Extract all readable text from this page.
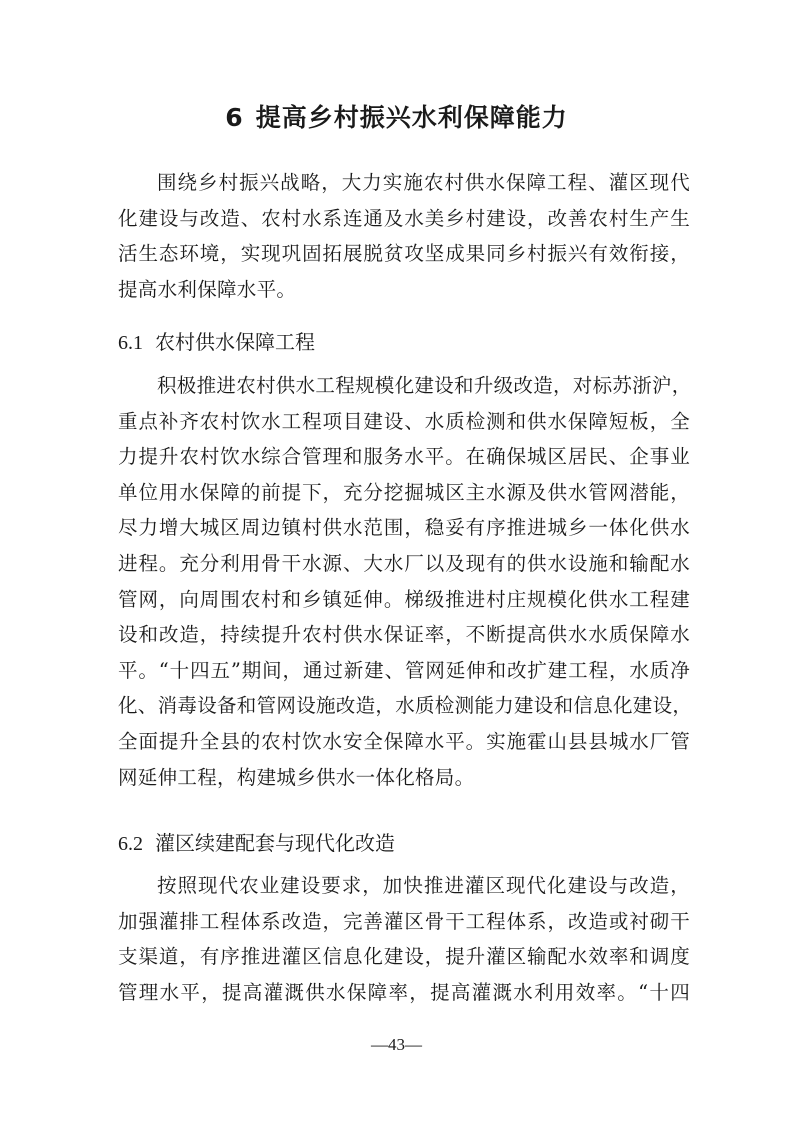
6 提高乡村振兴水利保障能力

围绕乡村振兴战略，大力实施农村供水保障工程、灌区现代
化建设与改造、农村水系连通及水美乡村建设，改善农村生产生
活生态环境，实现巩固拓展脱贫攻坚成果同乡村振兴有效衔接，
提高水利保障水平。

6.1 农村供水保障工程

积极推进农村供水工程规模化建设和升级改造，对标苏浙沪，
重点补齐农村饮水工程项目建设、水质检测和供水保障短板，全
力提升农村饮水综合管理和服务水平。在确保城区居民、企事业
单位用水保障的前提下，充分挖掘城区主水源及供水管网潜能，
尽力增大城区周边镇村供水范围，稳妥有序推进城乡一体化供水
进程。充分利用骨干水源、大水厂以及现有的供水设施和输配水
管网，向周围农村和乡镇延伸。梯级推进村庄规模化供水工程建
设和改造，持续提升农村供水保证率，不断提高供水水质保障水
平。“十四五”期间，通过新建、管网延伸和改扩建工程，水质净
化、消毒设备和管网设施改造，水质检测能力建设和信息化建设，
全面提升全县的农村饮水安全保障水平。实施霍山县县城水厂管
网延伸工程，构建城乡供水一体化格局。

6.2 灌区续建配套与现代化改造

按照现代农业建设要求，加快推进灌区现代化建设与改造，
加强灌排工程体系改造，完善灌区骨干工程体系，改造或衬砌干
支渠道，有序推进灌区信息化建设，提升灌区输配水效率和调度
管理水平，提高灌溉供水保障率，提高灌溉水利用效率。“十四

—43—
